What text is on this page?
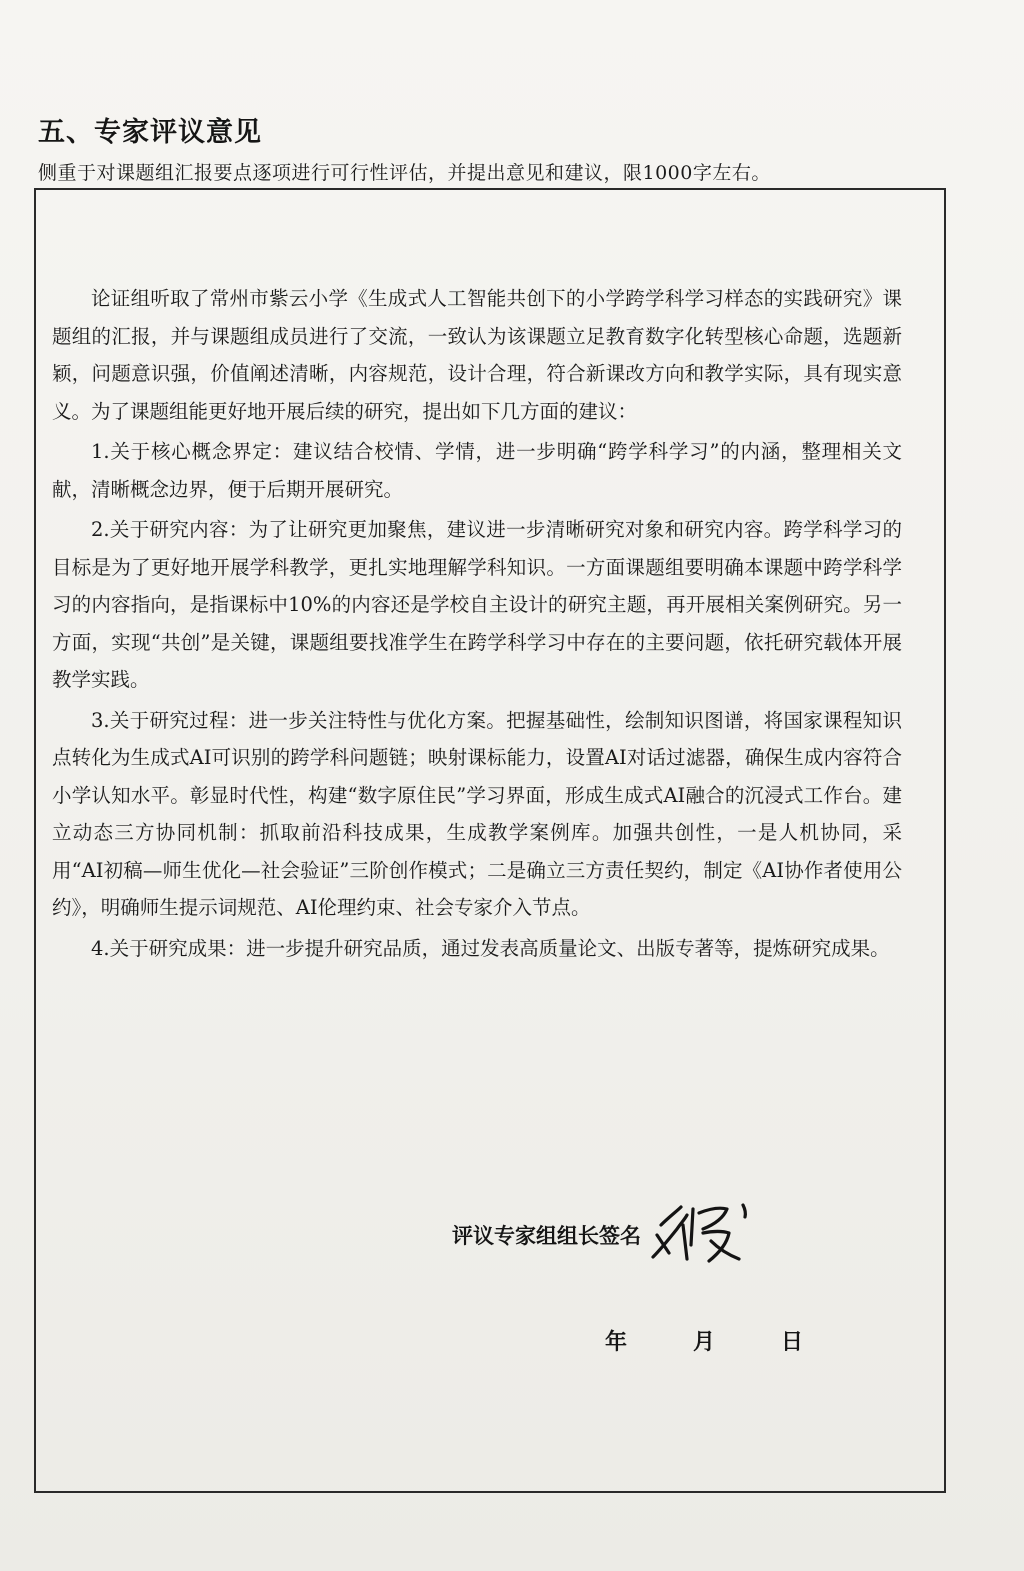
五、专家评议意见
侧重于对课题组汇报要点逐项进行可行性评估，并提出意见和建议，限1000字左右。

论证组听取了常州市紫云小学《生成式人工智能共创下的小学跨学科学习样态的实践研究》课题组的汇报，并与课题组成员进行了交流，一致认为该课题立足教育数字化转型核心命题，选题新颖，问题意识强，价值阐述清晰，内容规范，设计合理，符合新课改方向和教学实际，具有现实意义。为了课题组能更好地开展后续的研究，提出如下几方面的建议：

1.关于核心概念界定：建议结合校情、学情，进一步明确“跨学科学习”的内涵，整理相关文献，清晰概念边界，便于后期开展研究。

2.关于研究内容：为了让研究更加聚焦，建议进一步清晰研究对象和研究内容。跨学科学习的目标是为了更好地开展学科教学，更扎实地理解学科知识。一方面课题组要明确本课题中跨学科学习的内容指向，是指课标中10%的内容还是学校自主设计的研究主题，再开展相关案例研究。另一方面，实现“共创”是关键，课题组要找准学生在跨学科学习中存在的主要问题，依托研究载体开展教学实践。

3.关于研究过程：进一步关注特性与优化方案。把握基础性，绘制知识图谱，将国家课程知识点转化为生成式AI可识别的跨学科问题链；映射课标能力，设置AI对话过滤器，确保生成内容符合小学认知水平。彰显时代性，构建“数字原住民”学习界面，形成生成式AI融合的沉浸式工作台。建立动态三方协同机制：抓取前沿科技成果，生成教学案例库。加强共创性，一是人机协同，采用“AI初稿—师生优化—社会验证”三阶创作模式；二是确立三方责任契约，制定《AI协作者使用公约》，明确师生提示词规范、AI伦理约束、社会专家介入节点。

4.关于研究成果：进一步提升研究品质，通过发表高质量论文、出版专著等，提炼研究成果。

评议专家组组长签名
年	月	日
